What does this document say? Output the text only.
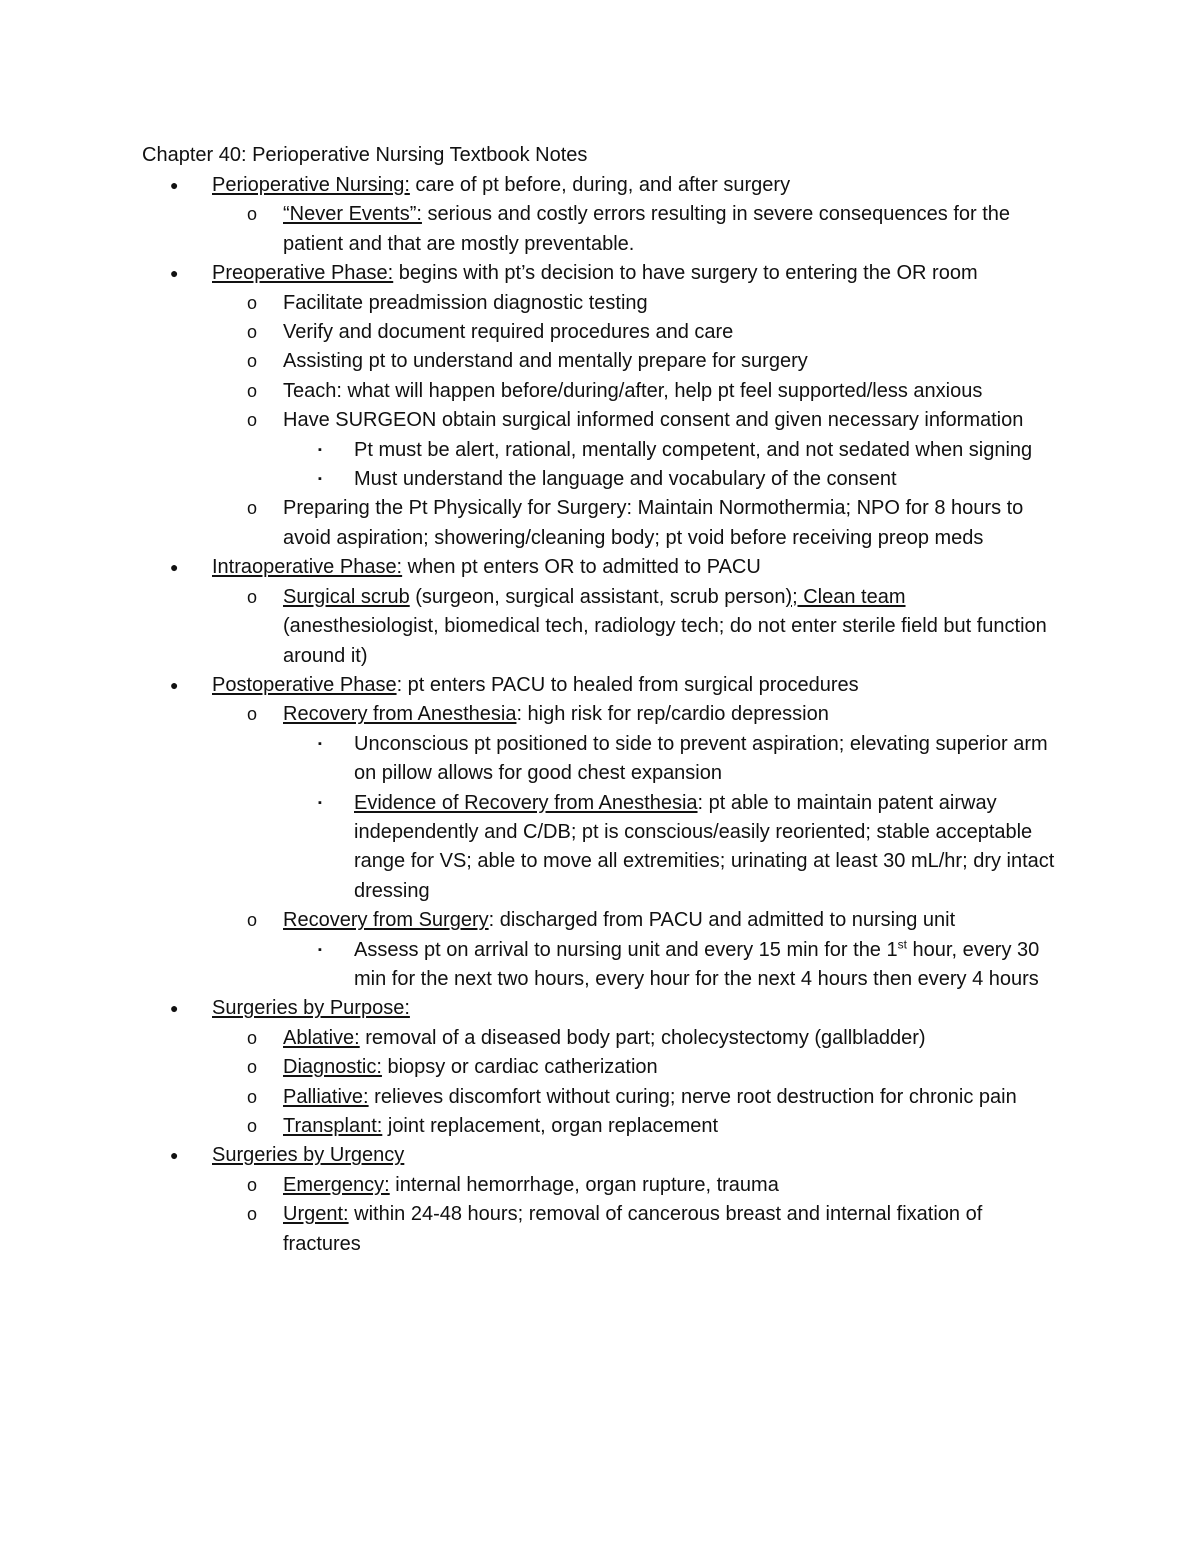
Chapter 40: Perioperative Nursing Textbook Notes
● Perioperative Nursing: care of pt before, during, and after surgery
o “Never Events”: serious and costly errors resulting in severe consequences for the patient and that are mostly preventable.
● Preoperative Phase: begins with pt’s decision to have surgery to entering the OR room
o Facilitate preadmission diagnostic testing
o Verify and document required procedures and care
o Assisting pt to understand and mentally prepare for surgery
o Teach: what will happen before/during/after, help pt feel supported/less anxious
o Have SURGEON obtain surgical informed consent and given necessary information
▪ Pt must be alert, rational, mentally competent, and not sedated when signing
▪ Must understand the language and vocabulary of the consent
o Preparing the Pt Physically for Surgery: Maintain Normothermia; NPO for 8 hours to avoid aspiration; showering/cleaning body; pt void before receiving preop meds
● Intraoperative Phase: when pt enters OR to admitted to PACU
o Surgical scrub (surgeon, surgical assistant, scrub person); Clean team (anesthesiologist, biomedical tech, radiology tech; do not enter sterile field but function around it)
● Postoperative Phase: pt enters PACU to healed from surgical procedures
o Recovery from Anesthesia: high risk for rep/cardio depression
▪ Unconscious pt positioned to side to prevent aspiration; elevating superior arm on pillow allows for good chest expansion
▪ Evidence of Recovery from Anesthesia: pt able to maintain patent airway independently and C/DB; pt is conscious/easily reoriented; stable acceptable range for VS; able to move all extremities; urinating at least 30 mL/hr; dry intact dressing
o Recovery from Surgery: discharged from PACU and admitted to nursing unit
▪ Assess pt on arrival to nursing unit and every 15 min for the 1st hour, every 30 min for the next two hours, every hour for the next 4 hours then every 4 hours
● Surgeries by Purpose:
o Ablative: removal of a diseased body part; cholecystectomy (gallbladder)
o Diagnostic: biopsy or cardiac catherization
o Palliative: relieves discomfort without curing; nerve root destruction for chronic pain
o Transplant: joint replacement, organ replacement
● Surgeries by Urgency
o Emergency: internal hemorrhage, organ rupture, trauma
o Urgent: within 24-48 hours; removal of cancerous breast and internal fixation of fractures
